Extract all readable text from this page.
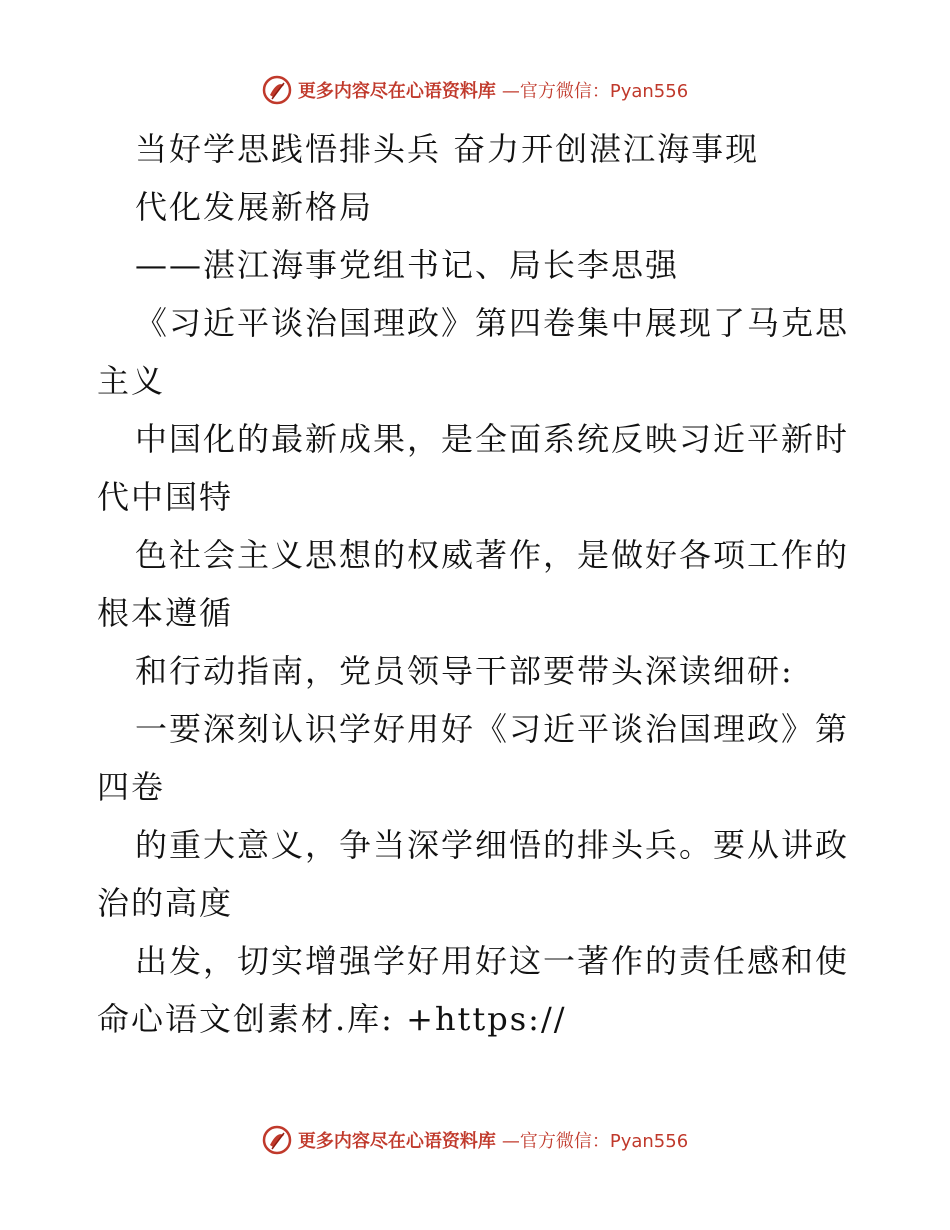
更多内容尽在心语资料库 —官方微信：Pyan556
当好学思践悟排头兵 奋力开创湛江海事现
代化发展新格局
——湛江海事党组书记、局长李思强
《习近平谈治国理政》第四卷集中展现了马克思
主义
中国化的最新成果，是全面系统反映习近平新时
代中国特
色社会主义思想的权威著作，是做好各项工作的
根本遵循
和行动指南，党员领导干部要带头深读细研:
一要深刻认识学好用好《习近平谈治国理政》第
四卷
的重大意义，争当深学细悟的排头兵。要从讲政
治的高度
出发，切实增强学好用好这一著作的责任感和使
命心语文创素材.库: +https://
更多内容尽在心语资料库 —官方微信：Pyan556
